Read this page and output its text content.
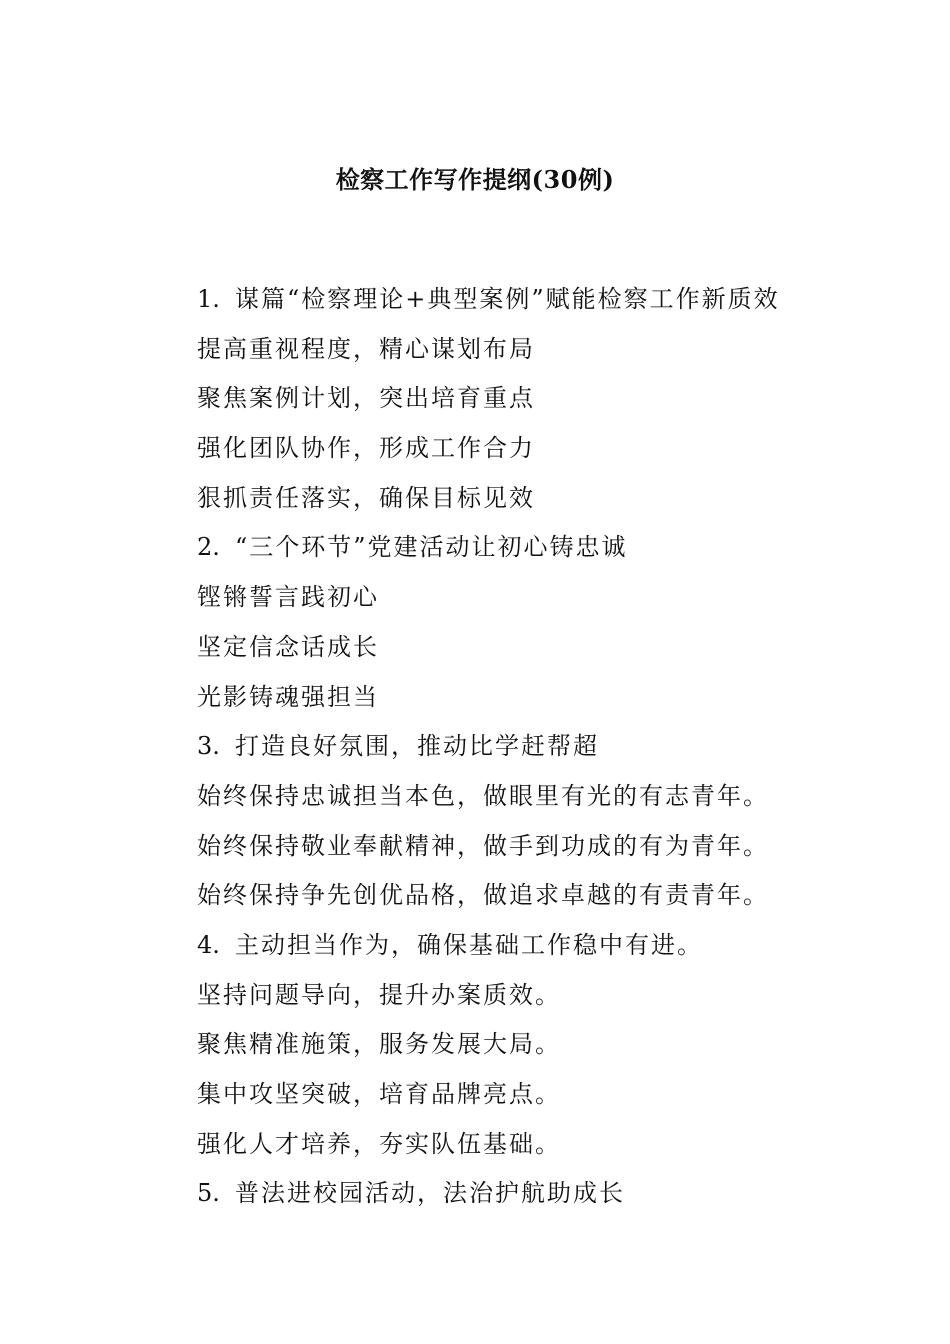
检察工作写作提纲(30例)
1. 谋篇“检察理论+典型案例”赋能检察工作新质效
提高重视程度，精心谋划布局
聚焦案例计划，突出培育重点
强化团队协作，形成工作合力
狠抓责任落实，确保目标见效
2. “三个环节”党建活动让初心铸忠诚
铿锵誓言践初心
坚定信念话成长
光影铸魂强担当
3. 打造良好氛围，推动比学赶帮超
始终保持忠诚担当本色，做眼里有光的有志青年。
始终保持敬业奉献精神，做手到功成的有为青年。
始终保持争先创优品格，做追求卓越的有责青年。
4. 主动担当作为，确保基础工作稳中有进。
坚持问题导向，提升办案质效。
聚焦精准施策，服务发展大局。
集中攻坚突破，培育品牌亮点。
强化人才培养，夯实队伍基础。
5. 普法进校园活动，法治护航助成长
